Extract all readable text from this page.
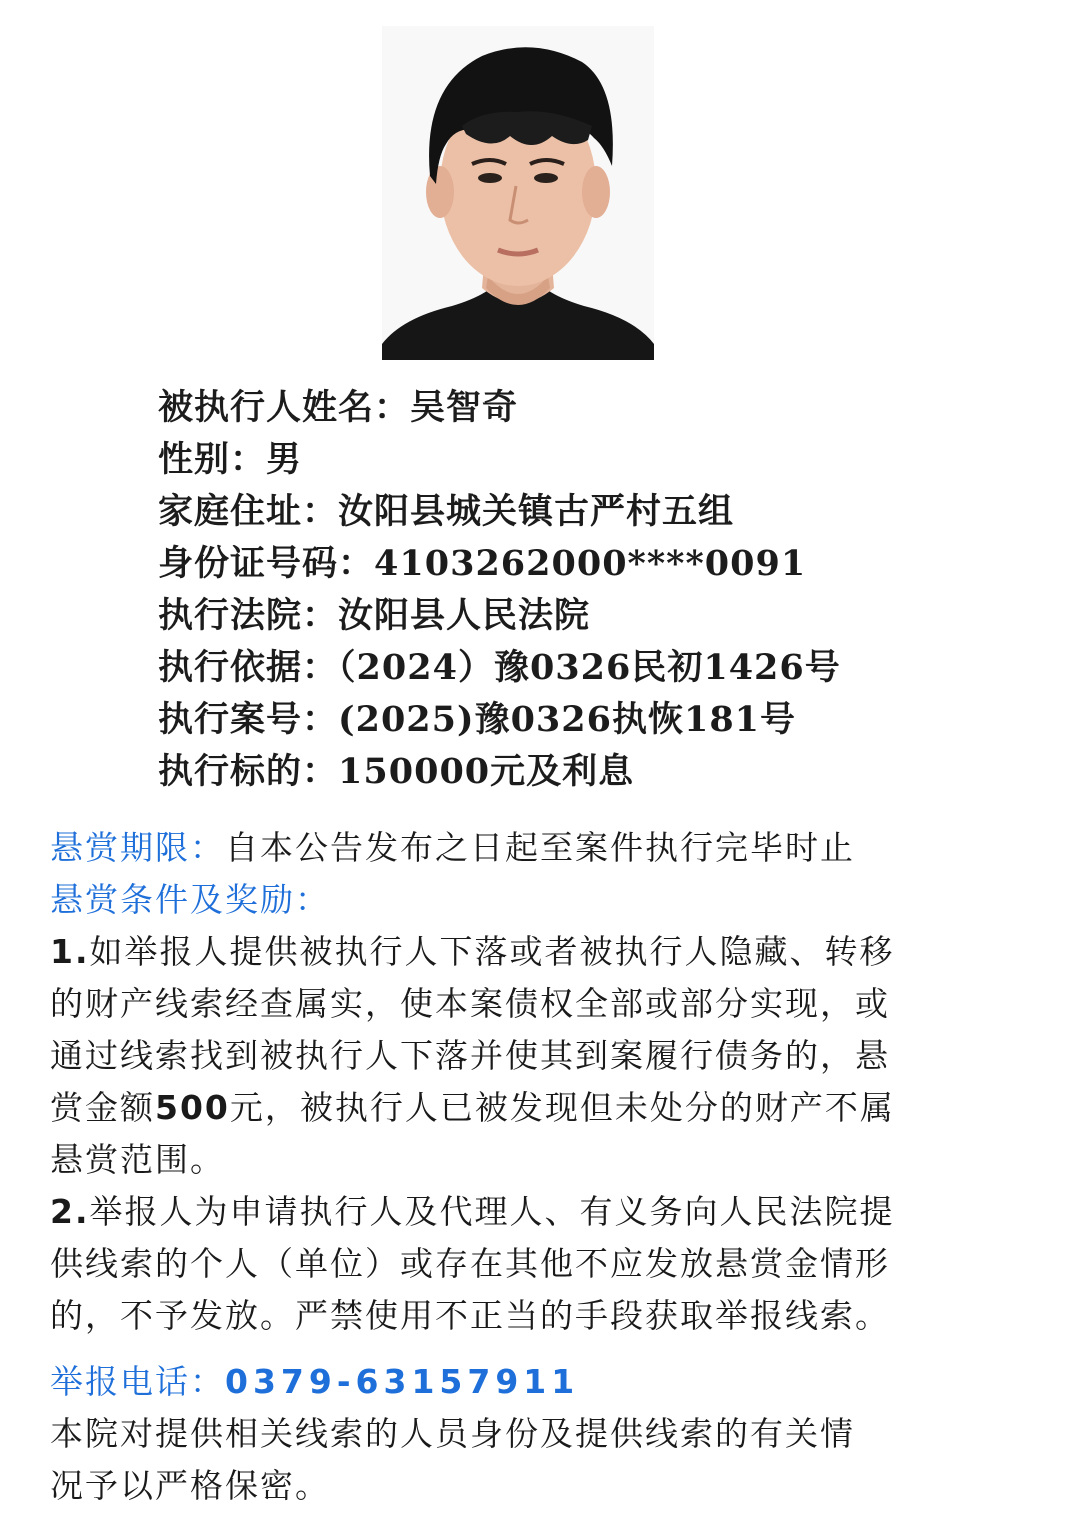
被执行人姓名：吴智奇
性别：男
家庭住址：汝阳县城关镇古严村五组
身份证号码：4103262000****0091
执行法院：汝阳县人民法院
执行依据：（2024）豫0326民初1426号
执行案号：(2025)豫0326执恢181号
执行标的：150000元及利息
悬赏期限：自本公告发布之日起至案件执行完毕时止
悬赏条件及奖励：
1.如举报人提供被执行人下落或者被执行人隐藏、转移
的财产线索经查属实，使本案债权全部或部分实现，或
通过线索找到被执行人下落并使其到案履行债务的，悬
赏金额500元，被执行人已被发现但未处分的财产不属
悬赏范围。
2.举报人为申请执行人及代理人、有义务向人民法院提
供线索的个人（单位）或存在其他不应发放悬赏金情形
的，不予发放。严禁使用不正当的手段获取举报线索。
举报电话：0379-63157911
本院对提供相关线索的人员身份及提供线索的有关情
况予以严格保密。
